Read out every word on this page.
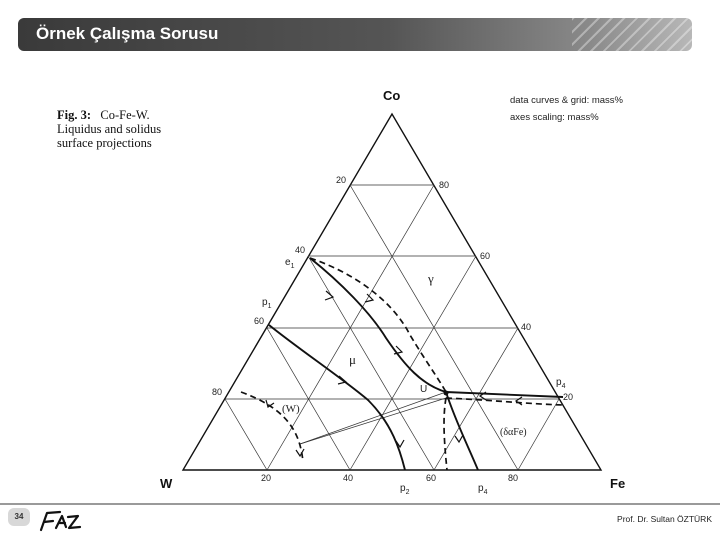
Örnek Çalışma Sorusu
Fig. 3: Co-Fe-W.
Liquidus and solidus
surface projections
data curves & grid: mass%
axes scaling: mass%
Co
W	Fe
20
40
60
80
80
60
40
20
20	40	60	80
$e_1$
$p_1$
$p_2$	$p_4$
$p_4$
U
γ
μ
(W)
(δαFe)
34	Prof. Dr. Sultan ÖZTÜRK
